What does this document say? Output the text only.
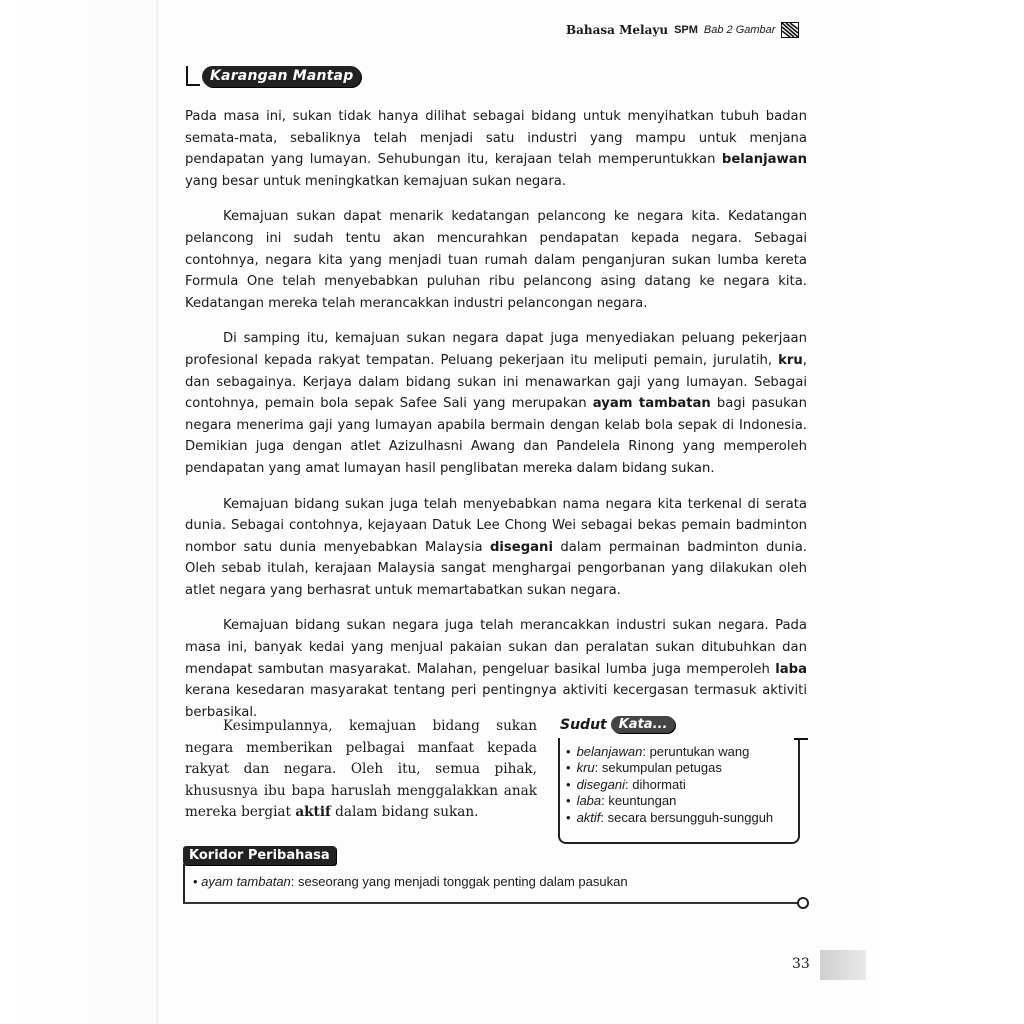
Bahasa Melayu SPM Bab 2 Gambar
Karangan Mantap

Pada masa ini, sukan tidak hanya dilihat sebagai bidang untuk menyihatkan tubuh badan semata-mata, sebaliknya telah menjadi satu industri yang mampu untuk menjana pendapatan yang lumayan. Sehubungan itu, kerajaan telah memperuntukkan belanjawan yang besar untuk meningkatkan kemajuan sukan negara.

Kemajuan sukan dapat menarik kedatangan pelancong ke negara kita. Kedatangan pelancong ini sudah tentu akan mencurahkan pendapatan kepada negara. Sebagai contohnya, negara kita yang menjadi tuan rumah dalam penganjuran sukan lumba kereta Formula One telah menyebabkan puluhan ribu pelancong asing datang ke negara kita. Kedatangan mereka telah merancakkan industri pelancongan negara.

Di samping itu, kemajuan sukan negara dapat juga menyediakan peluang pekerjaan profesional kepada rakyat tempatan. Peluang pekerjaan itu meliputi pemain, jurulatih, kru, dan sebagainya. Kerjaya dalam bidang sukan ini menawarkan gaji yang lumayan. Sebagai contohnya, pemain bola sepak Safee Sali yang merupakan ayam tambatan bagi pasukan negara menerima gaji yang lumayan apabila bermain dengan kelab bola sepak di Indonesia. Demikian juga dengan atlet Azizulhasni Awang dan Pandelela Rinong yang memperoleh pendapatan yang amat lumayan hasil penglibatan mereka dalam bidang sukan.

Kemajuan bidang sukan juga telah menyebabkan nama negara kita terkenal di serata dunia. Sebagai contohnya, kejayaan Datuk Lee Chong Wei sebagai bekas pemain badminton nombor satu dunia menyebabkan Malaysia disegani dalam permainan badminton dunia. Oleh sebab itulah, kerajaan Malaysia sangat menghargai pengorbanan yang dilakukan oleh atlet negara yang berhasrat untuk memartabatkan sukan negara.

Kemajuan bidang sukan negara juga telah merancakkan industri sukan negara. Pada masa ini, banyak kedai yang menjual pakaian sukan dan peralatan sukan ditubuhkan dan mendapat sambutan masyarakat. Malahan, pengeluar basikal lumba juga memperoleh laba kerana kesedaran masyarakat tentang peri pentingnya aktiviti kecergasan termasuk aktiviti berbasikal.

Kesimpulannya, kemajuan bidang sukan negara memberikan pelbagai manfaat kepada rakyat dan negara. Oleh itu, semua pihak, khususnya ibu bapa haruslah menggalakkan anak mereka bergiat aktif dalam bidang sukan.

Sudut Kata...
• belanjawan: peruntukan wang
• kru: sekumpulan petugas
• disegani: dihormati
• laba: keuntungan
• aktif: secara bersungguh-sungguh
Koridor Peribahasa
• ayam tambatan: seseorang yang menjadi tonggak penting dalam pasukan
33
